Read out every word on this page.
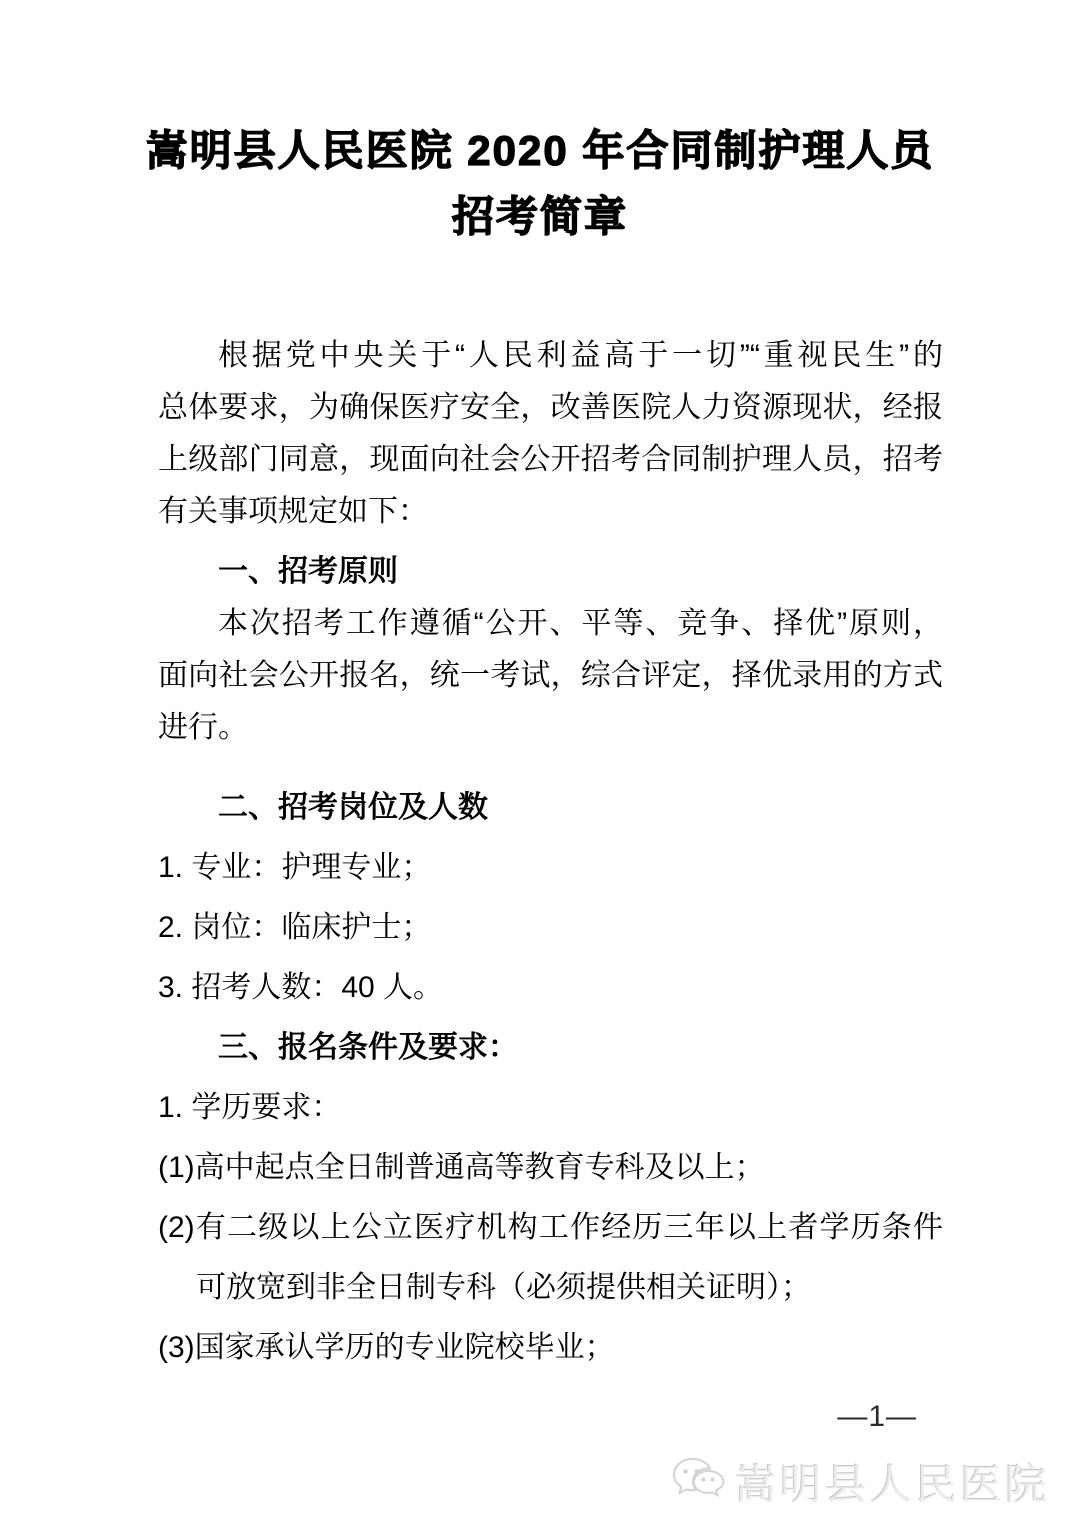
嵩明县人民医院 2020 年合同制护理人员
招考简章
根据党中央关于“人民利益高于一切”“重视民生”的
总体要求，为确保医疗安全，改善医院人力资源现状，经报
上级部门同意，现面向社会公开招考合同制护理人员，招考
有关事项规定如下：
一、招考原则
本次招考工作遵循“公开、平等、竞争、择优”原则，
面向社会公开报名，统一考试，综合评定，择优录用的方式
进行。
二、招考岗位及人数
1. 专业：护理专业；
2. 岗位：临床护士；
3. 招考人数：40 人。
三、报名条件及要求：
1. 学历要求：
(1)高中起点全日制普通高等教育专科及以上；
(2)有二级以上公立医疗机构工作经历三年以上者学历条件
可放宽到非全日制专科（必须提供相关证明）；
(3)国家承认学历的专业院校毕业；
—1—
嵩明县人民医院
